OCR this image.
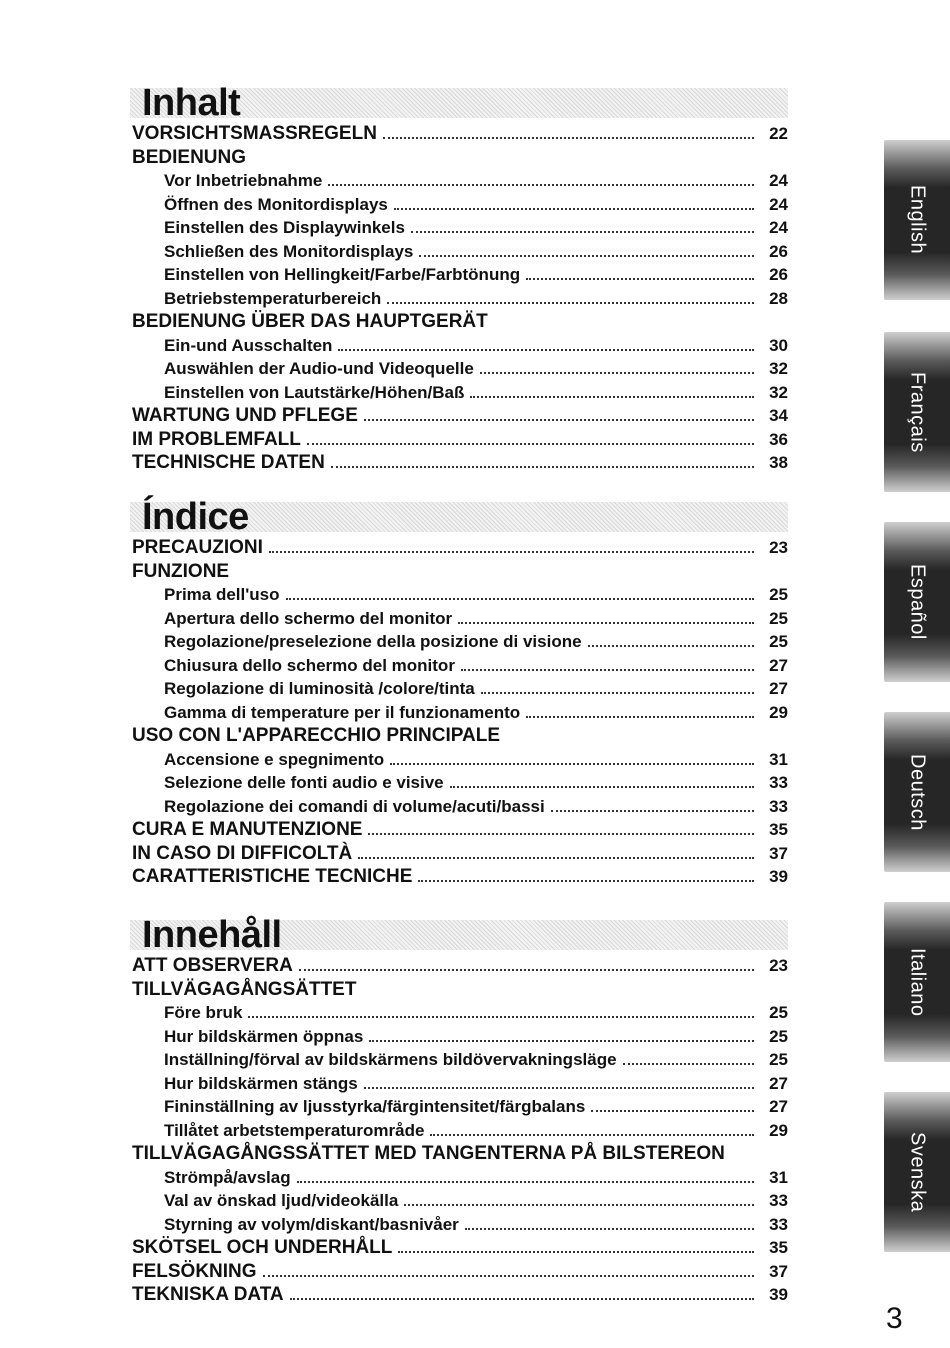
Inhalt
VORSICHTSMASSREGELN	22
BEDIENUNG
Vor Inbetriebnahme	24
Öffnen des Monitordisplays	24
Einstellen des Displaywinkels	24
Schließen des Monitordisplays	26
Einstellen von Hellingkeit/Farbe/Farbtönung	26
Betriebstemperaturbereich	28
BEDIENUNG ÜBER DAS HAUPTGERÄT
Ein-und Ausschalten	30
Auswählen der Audio-und Videoquelle	32
Einstellen von Lautstärke/Höhen/Baß	32
WARTUNG UND PFLEGE	34
IM PROBLEMFALL	36
TECHNISCHE DATEN	38
Índice
PRECAUZIONI	23
FUNZIONE
Prima dell'uso	25
Apertura dello schermo del monitor	25
Regolazione/preselezione della posizione di visione	25
Chiusura dello schermo del monitor	27
Regolazione di luminosità /colore/tinta	27
Gamma di temperature per il funzionamento	29
USO CON L'APPARECCHIO PRINCIPALE
Accensione e spegnimento	31
Selezione delle fonti audio e visive	33
Regolazione dei comandi di volume/acuti/bassi	33
CURA E MANUTENZIONE	35
IN CASO DI DIFFICOLTÀ	37
CARATTERISTICHE TECNICHE	39
Innehåll
ATT OBSERVERA	23
TILLVÄGAGÅNGSÄTTET
Före bruk	25
Hur bildskärmen öppnas	25
Inställning/förval av bildskärmens bildövervakningsläge	25
Hur bildskärmen stängs	27
Fininställning av ljusstyrka/färgintensitet/färgbalans	27
Tillåtet arbetstemperaturområde	29
TILLVÄGAGÅNGSSÄTTET MED TANGENTERNA PÅ BILSTEREON
Strömpå/avslag	31
Val av önskad ljud/videokälla	33
Styrning av volym/diskant/basnivåer	33
SKÖTSEL OCH UNDERHÅLL	35
FELSÖKNING	37
TEKNISKA DATA	39
English
Français
Español
Deutsch
Italiano
Svenska
3
